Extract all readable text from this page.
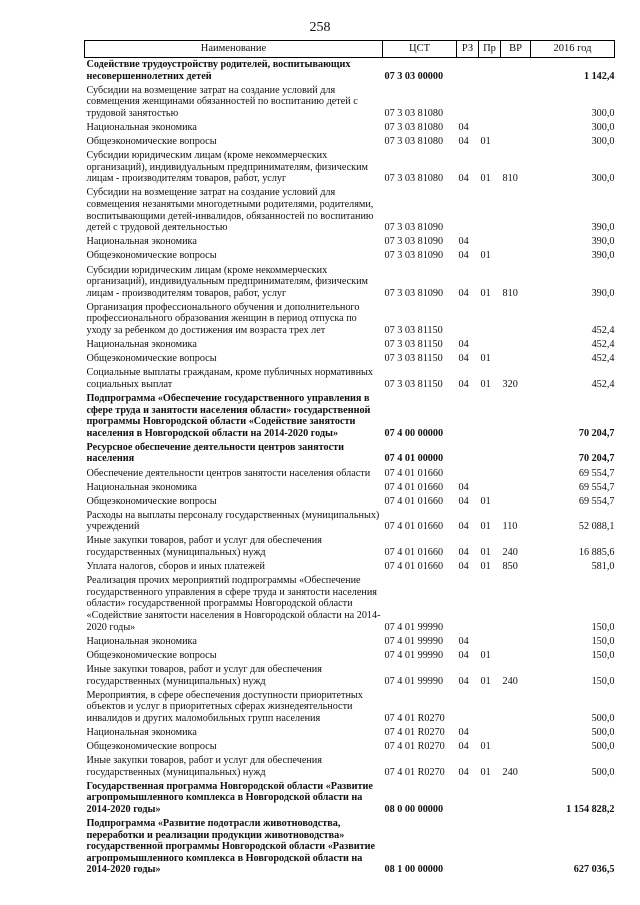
258
Наименование	ЦСТ	РЗ	Пр	ВР	2016 год
Содействие трудоустройству родителей, воспитывающих несовершеннолетних детей	07 3 03 00000				1 142,4
Субсидии на возмещение затрат на создание условий для совмещения женщинами обязанностей по воспитанию детей с трудовой занятостью	07 3 03 81080				300,0
Национальная экономика	07 3 03 81080	04			300,0
Общеэкономические вопросы	07 3 03 81080	04	01		300,0
Субсидии юридическим лицам (кроме некоммерческих организаций), индивидуальным предпринимателям, физическим лицам - производителям товаров, работ, услуг	07 3 03 81080	04	01	810	300,0
Субсидии на возмещение затрат на создание условий для совмещения незанятыми многодетными родителями, родителями, воспитывающими детей-инвалидов, обязанностей по воспитанию детей с трудовой деятельностью	07 3 03 81090				390,0
Национальная экономика	07 3 03 81090	04			390,0
Общеэкономические вопросы	07 3 03 81090	04	01		390,0
Субсидии юридическим лицам (кроме некоммерческих организаций), индивидуальным предпринимателям, физическим лицам - производителям товаров, работ, услуг	07 3 03 81090	04	01	810	390,0
Организация профессионального обучения и дополнительного профессионального образования женщин в период отпуска по уходу за ребенком до достижения им возраста трех лет	07 3 03 81150				452,4
Национальная экономика	07 3 03 81150	04			452,4
Общеэкономические вопросы	07 3 03 81150	04	01		452,4
Социальные выплаты гражданам, кроме публичных нормативных социальных выплат	07 3 03 81150	04	01	320	452,4
Подпрограмма «Обеспечение государственного управления в сфере труда и занятости населения области» государственной программы Новгородской области «Содействие занятости населения в Новгородской области на 2014-2020 годы»	07 4 00 00000				70 204,7
Ресурсное обеспечение деятельности центров занятости населения	07 4 01 00000				70 204,7
Обеспечение деятельности центров занятости населения области	07 4 01 01660				69 554,7
Национальная экономика	07 4 01 01660	04			69 554,7
Общеэкономические вопросы	07 4 01 01660	04	01		69 554,7
Расходы на выплаты персоналу государственных (муниципальных) учреждений	07 4 01 01660	04	01	110	52 088,1
Иные закупки товаров, работ и услуг для обеспечения государственных (муниципальных) нужд	07 4 01 01660	04	01	240	16 885,6
Уплата налогов, сборов и иных платежей	07 4 01 01660	04	01	850	581,0
Реализация прочих мероприятий подпрограммы «Обеспечение государственного управления в сфере труда и занятости населения области» государственной программы Новгородской области «Содействие занятости населения в Новгородской области на 2014-2020 годы»	07 4 01 99990				150,0
Национальная экономика	07 4 01 99990	04			150,0
Общеэкономические вопросы	07 4 01 99990	04	01		150,0
Иные закупки товаров, работ и услуг для обеспечения государственных (муниципальных) нужд	07 4 01 99990	04	01	240	150,0
Мероприятия, в сфере обеспечения доступности приоритетных объектов и услуг в приоритетных сферах жизнедеятельности инвалидов и других маломобильных групп населения	07 4 01 R0270				500,0
Национальная экономика	07 4 01 R0270	04			500,0
Общеэкономические вопросы	07 4 01 R0270	04	01		500,0
Иные закупки товаров, работ и услуг для обеспечения государственных (муниципальных) нужд	07 4 01 R0270	04	01	240	500,0
Государственная программа Новгородской области «Развитие агропромышленного комплекса в Новгородской области на 2014-2020 годы»	08 0 00 00000				1 154 828,2
Подпрограмма «Развитие подотрасли животноводства, переработки и реализации продукции животноводства» государственной программы Новгородской области «Развитие агропромышленного комплекса в Новгородской области на 2014-2020 годы»	08 1 00 00000				627 036,5
